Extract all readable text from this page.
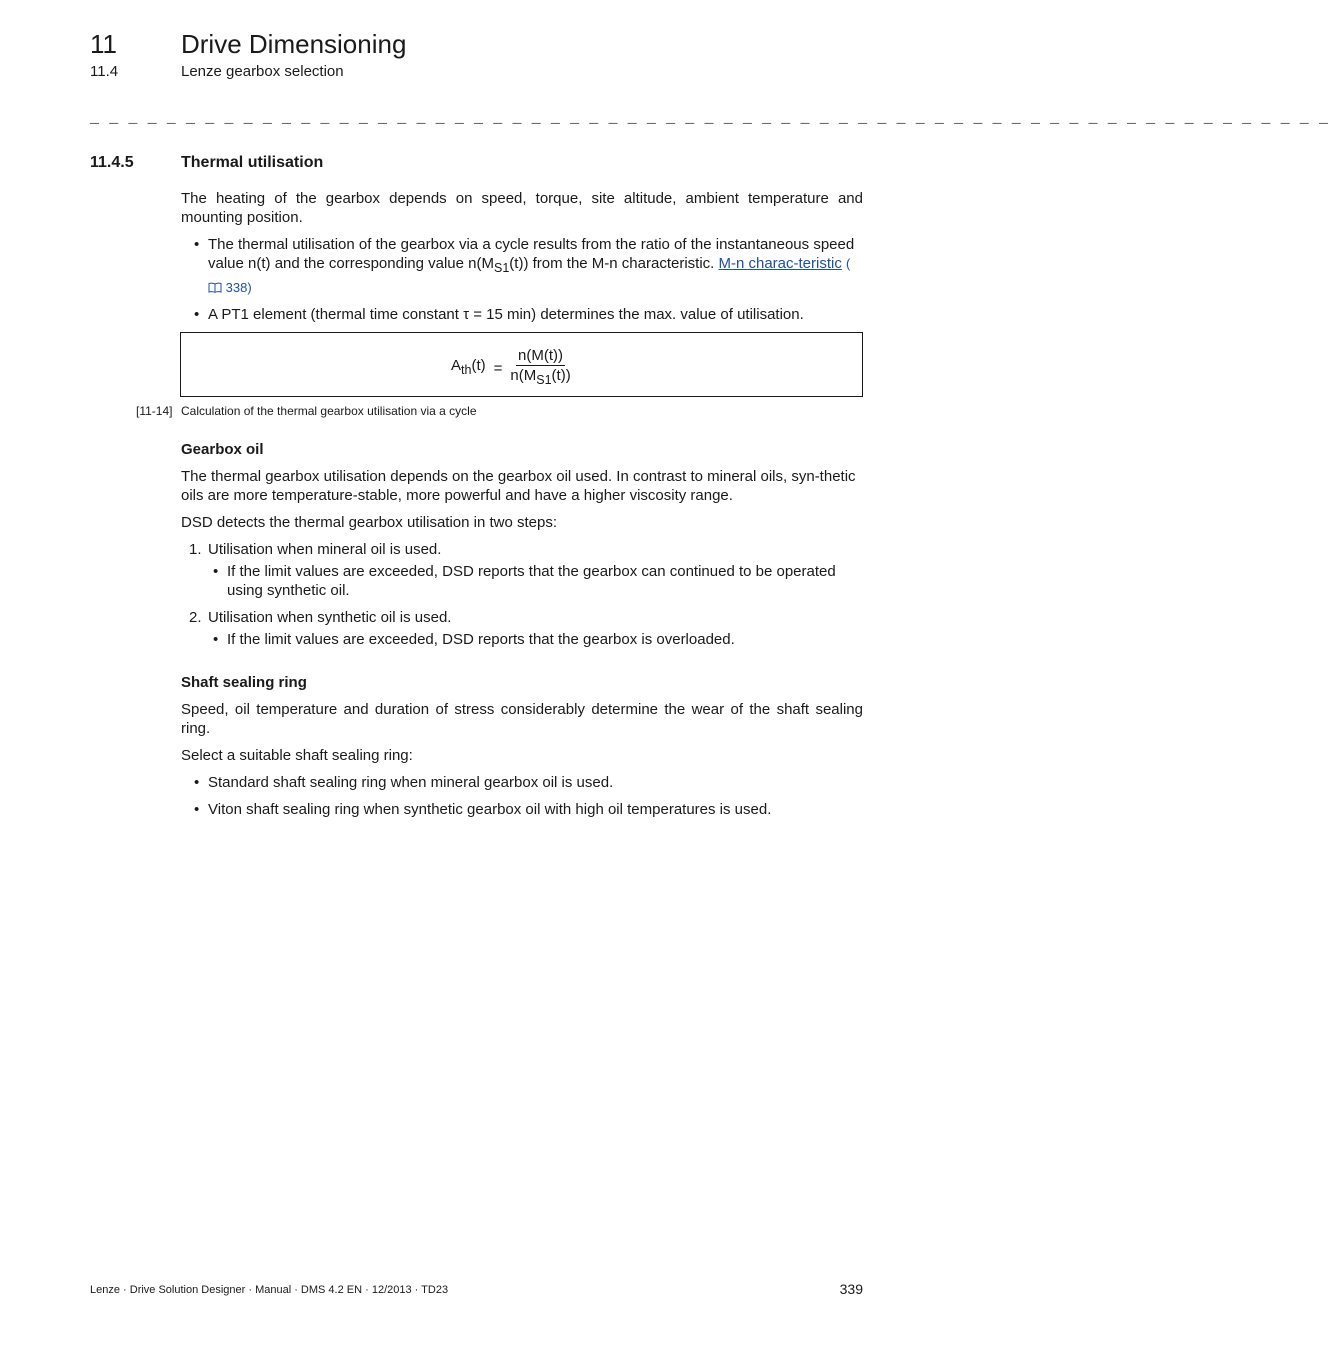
11 Drive Dimensioning
11.4	Lenze gearbox selection
_ _ _ _ _ _ _ _ _ _ _ _ _ _ _ _ _ _ _ _ _ _ _ _ _ _ _ _ _ _ _ _ _ _ _ _ _ _ _ _ _ _ _ _ _ _ _ _ _ _ _ _ _ _ _ _ _ _ _ _ _ _ _ _ _
11.4.5	Thermal utilisation

The heating of the gearbox depends on speed, torque, site altitude, ambient temperature and mounting position.

• The thermal utilisation of the gearbox via a cycle results from the ratio of the instantaneous speed value n(t) and the corresponding value $n(M_{S1}(t))$ from the M-n characteristic. M-n charac-teristic ( 338)
• A PT1 element (thermal time constant τ = 15 min) determines the max. value of utilisation.
$A_{th}(t) = \frac{n(M(t))}{n(M_{S1}(t))}$
Gearbox oil

The thermal gearbox utilisation depends on the gearbox oil used. In contrast to mineral oils, syn-thetic oils are more temperature-stable, more powerful and have a higher viscosity range.

DSD detects the thermal gearbox utilisation in two steps:

1. Utilisation when mineral oil is used.
• If the limit values are exceeded, DSD reports that the gearbox can continued to be operated using synthetic oil.
2. Utilisation when synthetic oil is used.
• If the limit values are exceeded, DSD reports that the gearbox is overloaded.
Shaft sealing ring

Speed, oil temperature and duration of stress considerably determine the wear of the shaft sealing ring.

Select a suitable shaft sealing ring:

• Standard shaft sealing ring when mineral gearbox oil is used.
• Viton shaft sealing ring when synthetic gearbox oil with high oil temperatures is used.
[11-14] Calculation of the thermal gearbox utilisation via a cycle
Lenze · Drive Solution Designer · Manual · DMS 4.2 EN · 12/2013 · TD23	339
